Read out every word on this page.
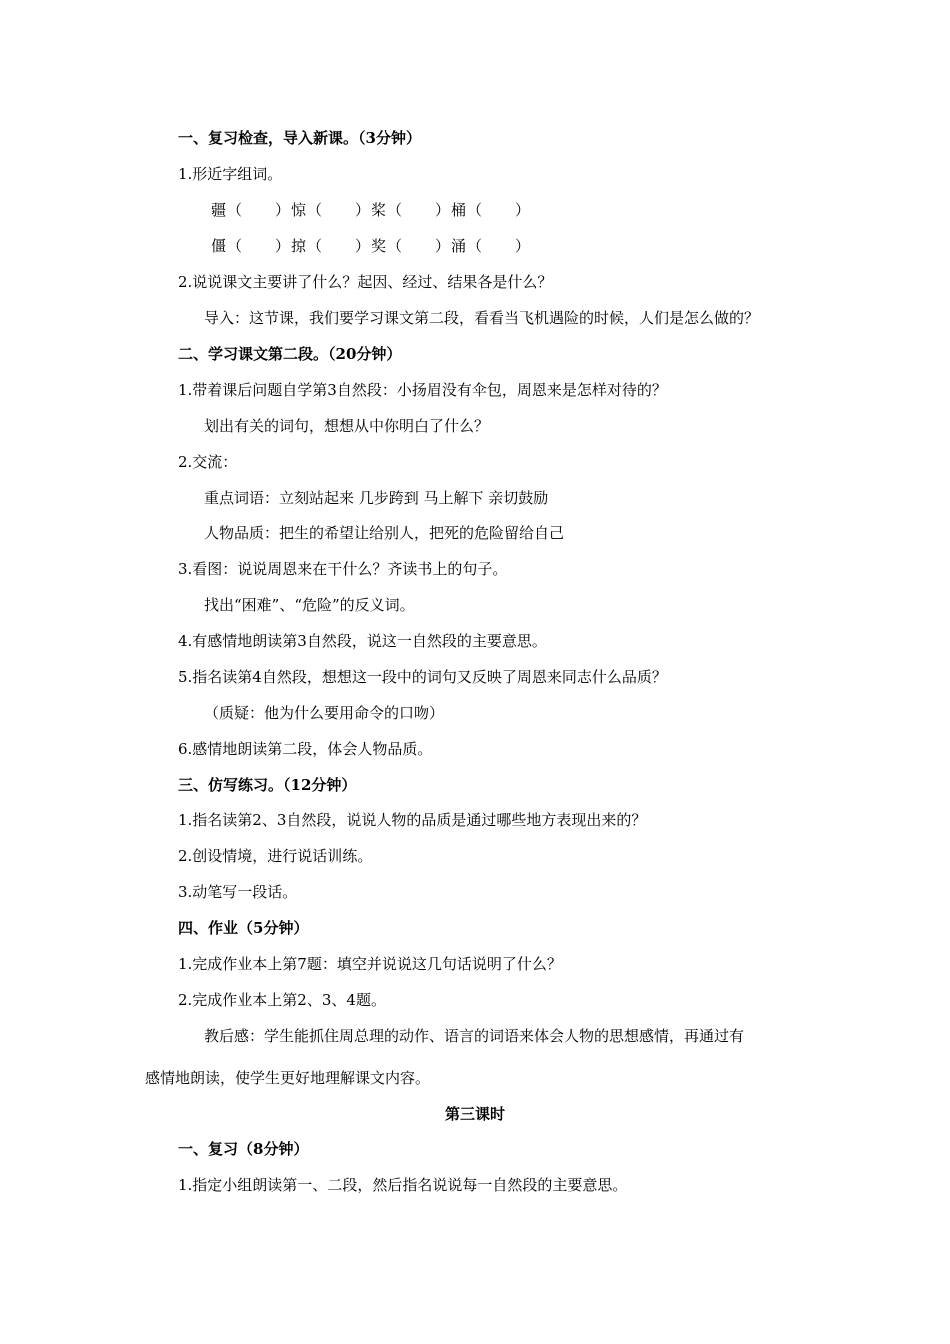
一、复习检查，导入新课。（3分钟）
1.形近字组词。
疆（　　）惊（　　）桨（　　）桶（　　）
僵（　　）掠（　　）奖（　　）涌（　　）
2.说说课文主要讲了什么？起因、经过、结果各是什么？
导入：这节课，我们要学习课文第二段，看看当飞机遇险的时候，人们是怎么做的？
二、学习课文第二段。（20分钟）
1.带着课后问题自学第3自然段：小扬眉没有伞包，周恩来是怎样对待的？
划出有关的词句，想想从中你明白了什么？
2.交流：
重点词语：立刻站起来 几步跨到 马上解下 亲切鼓励
人物品质：把生的希望让给别人，把死的危险留给自己
3.看图：说说周恩来在干什么？齐读书上的句子。
找出“困难”、“危险”的反义词。
4.有感情地朗读第3自然段，说这一自然段的主要意思。
5.指名读第4自然段，想想这一段中的词句又反映了周恩来同志什么品质？
（质疑：他为什么要用命令的口吻）
6.感情地朗读第二段，体会人物品质。
三、仿写练习。（12分钟）
1.指名读第2、3自然段，说说人物的品质是通过哪些地方表现出来的？
2.创设情境，进行说话训练。
3.动笔写一段话。
四、作业（5分钟）
1.完成作业本上第7题：填空并说说这几句话说明了什么？
2.完成作业本上第2、3、4题。
教后感：学生能抓住周总理的动作、语言的词语来体会人物的思想感情，再通过有
感情地朗读，使学生更好地理解课文内容。
第三课时
一、复习（8分钟）
1.指定小组朗读第一、二段，然后指名说说每一自然段的主要意思。
